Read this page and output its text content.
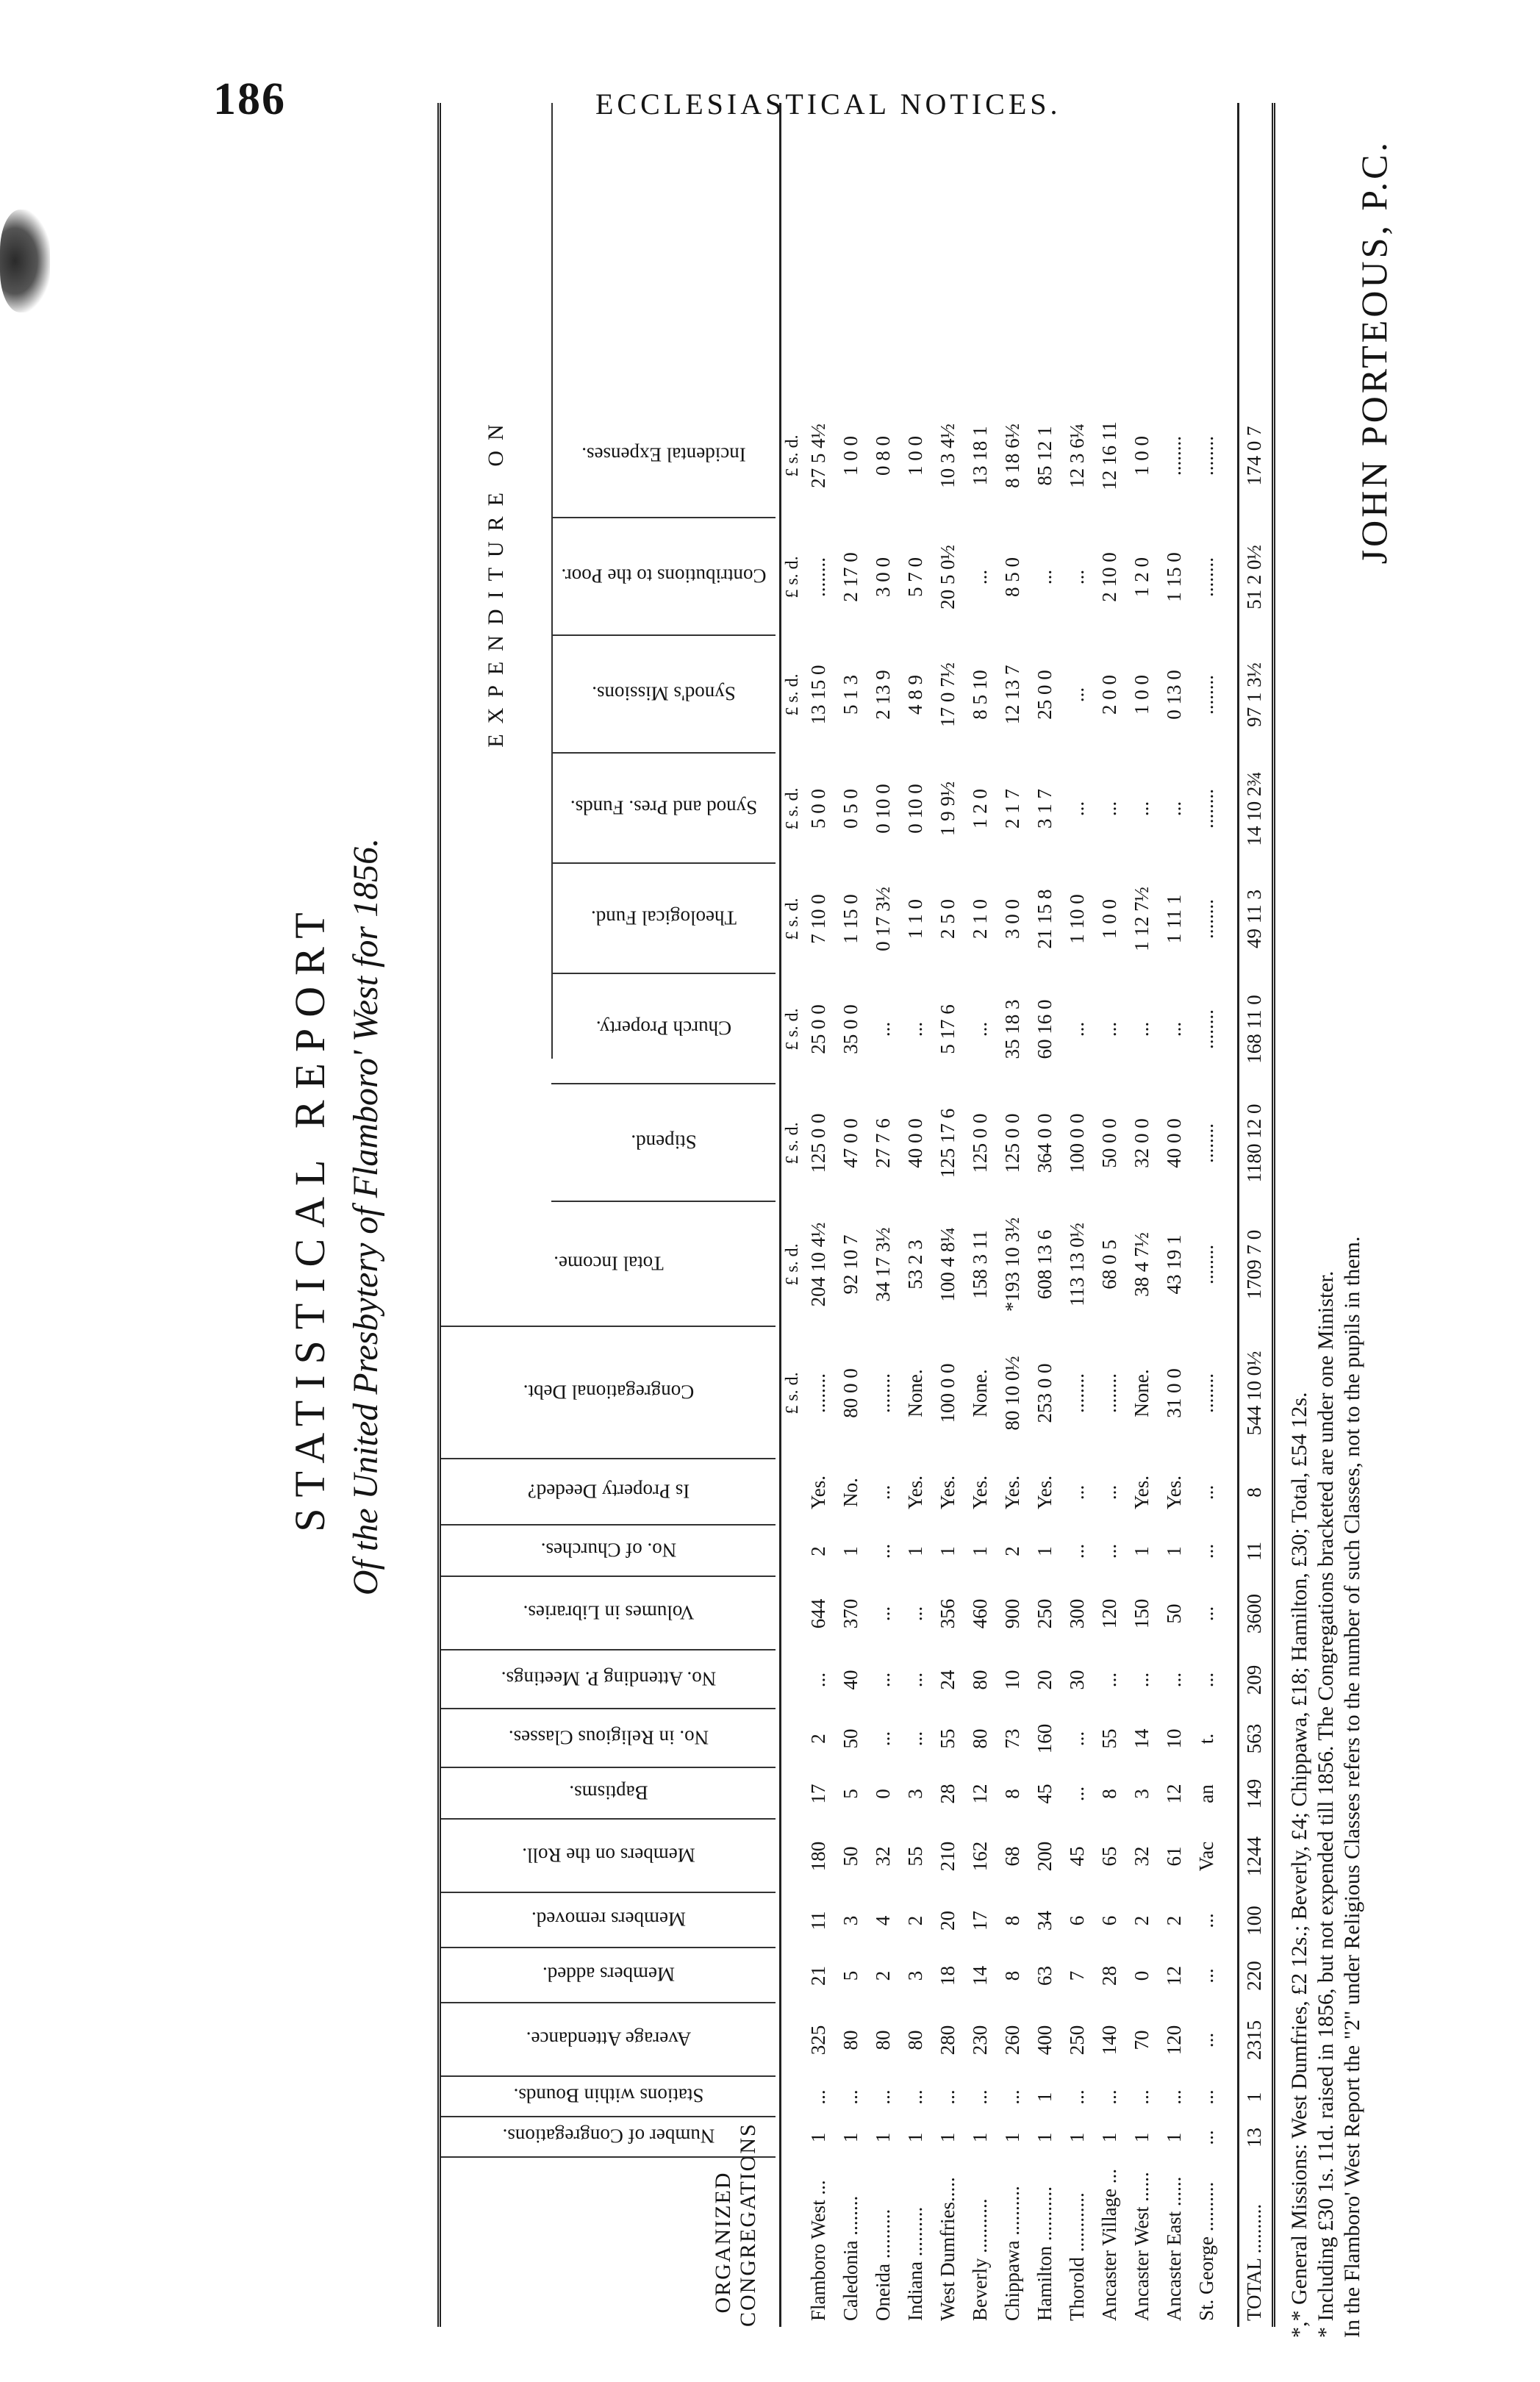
186	ECCLESIASTICAL NOTICES.
STATISTICAL REPORT Of the United Presbytery of Flamboro' West for 1856.
ORGANIZED CONGREGATIONS
EXPENDITURE ON
Number of Congregations.
Stations within Bounds.
Average Attendance.
Members added.
Members removed.
Members on the Roll.
Baptisms.
No. in Religious Classes.
No. Attending P. Meetings.
Volumes in Libraries.
No. of Churches.
Is Property Deeded?
Congregational Debt.
Total Income.
Stipend.
Church Property.
Theological Fund.
Synod and Pres. Funds.
Synod's Missions.
Contributions to the Poor.
Incidental Expenses.
£ s. d.
£ s. d.
£ s. d.
£ s. d.
£ s. d.
£ s. d.
£ s. d.
£ s. d.
£ s. d.
Flamboro West ...
1
...
325
21
11
180
17
2
...
644
2
Yes.
........
204 10 4½
125 0 0
25 0 0
7 10 0
5 0 0
13 15 0
........
27 5 4½
Caledonia ........
1
...
80
5
3
50
5
50
40
370
1
No.
80 0 0
92 10 7
47 0 0
35 0 0
1 15 0
0 5 0
5 1 3
2 17 0
1 0 0
Oneida ..........
1
...
80
2
4
32
0
...
...
...
...
...
........
34 17 3½
27 7 6
...
0 17 3½
0 10 0
2 13 9
3 0 0
0 8 0
Indiana ..........
1
...
80
3
2
55
3
...
...
...
1
Yes.
None.
53 2 3
40 0 0
...
1 1 0
0 10 0
4 8 9
5 7 0
1 0 0
West Dumfries.....
1
...
280
18
20
210
28
55
24
356
1
Yes.
100 0 0
100 4 8¼
125 17 6
5 17 6
2 5 0
1 9 9½
17 0 7½
20 5 0½
10 3 4½
Beverly ...........
1
...
230
14
17
162
12
80
80
460
1
Yes.
None.
158 3 11
125 0 0
...
2 1 0
1 2 0
8 5 10
...
13 18 1
Chippawa ..........
1
...
260
8
8
68
8
73
10
900
2
Yes.
80 10 0½
*193 10 3½
125 0 0
35 18 3
3 0 0
2 1 7
12 13 7
8 5 0
8 18 6½
Hamilton ...........
1
1
400
63
34
200
45
160
20
250
1
Yes.
253 0 0
608 13 6
364 0 0
60 16 0
21 15 8
3 1 7
25 0 0
...
85 12 1
Thorold ............
1
...
250
7
6
45
...
...
30
300
...
...
........
113 13 0½
100 0 0
...
1 10 0
...
...
...
12 3 6¼
Ancaster Village ...
1
...
140
28
6
65
8
55
...
120
...
...
........
68 0 5
50 0 0
...
1 0 0
...
2 0 0
2 10 0
12 16 11
Ancaster West ......
1
...
70
0
2
32
3
14
...
150
1
Yes.
None.
38 4 7½
32 0 0
...
1 12 7½
...
1 0 0
1 2 0
1 0 0
Ancaster East ......
1
...
120
12
2
61
12
10
...
50
1
Yes.
31 0 0
43 19 1
40 0 0
...
1 11 1
...
0 13 0
1 15 0
........
St. George ..........
...
...
...
...
...
Vac
an
t.
...
...
...
...
........
........
........
........
........
........
........
........
........
TOTAL ..........
13
1
2315
220
100
1244
149
563
209
3600
11
8
544 10 0½
1709 7 0
1180 12 0
168 11 0
49 11 3
14 10 2¾
97 1 3½
51 2 0½
174 0 7

*,* General Missions: West Dumfries, £2 12s.; Beverly, £4; Chippawa, £18; Hamilton, £30; Total, £54 12s. * Including £30 1s. 11d. raised in 1856, but not expended till 1856. The Congregations bracketed are under one Minister. In the Flamboro' West Report the "2" under Religious Classes refers to the number of such Classes, not to the pupils in them.

JOHN PORTEOUS, P.C.
